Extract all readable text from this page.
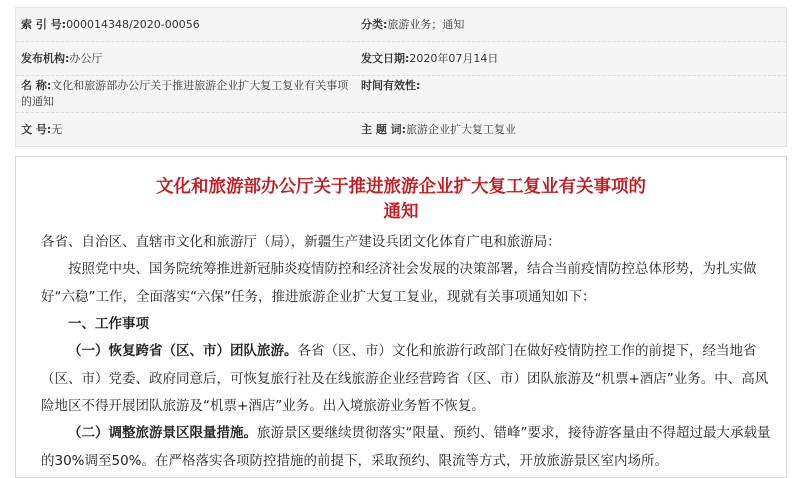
索 引 号:000014348/2020-00056	分类:旅游业务；通知
发布机构:办公厅	发文日期:2020年07月14日
名 称:文化和旅游部办公厅关于推进旅游企业扩大复工复业有关事项的通知
时间有效性:
文 号:无	主 题 词:旅游企业扩大复工复业
文化和旅游部办公厅关于推进旅游企业扩大复工复业有关事项的
通知
各省、自治区、直辖市文化和旅游厅（局），新疆生产建设兵团文化体育广电和旅游局：
按照党中央、国务院统筹推进新冠肺炎疫情防控和经济社会发展的决策部署，结合当前疫情防控总体形势，为扎实做好“六稳”工作，全面落实“六保”任务，推进旅游企业扩大复工复业，现就有关事项通知如下：
一、工作事项
（一）恢复跨省（区、市）团队旅游。各省（区、市）文化和旅游行政部门在做好疫情防控工作的前提下，经当地省（区、市）党委、政府同意后，可恢复旅行社及在线旅游企业经营跨省（区、市）团队旅游及“机票+酒店”业务。中、高风险地区不得开展团队旅游及“机票+酒店”业务。出入境旅游业务暂不恢复。
（二）调整旅游景区限量措施。旅游景区要继续贯彻落实“限量、预约、错峰”要求，接待游客量由不得超过最大承载量的30%调至50%。在严格落实各项防控措施的前提下，采取预约、限流等方式，开放旅游景区室内场所。
